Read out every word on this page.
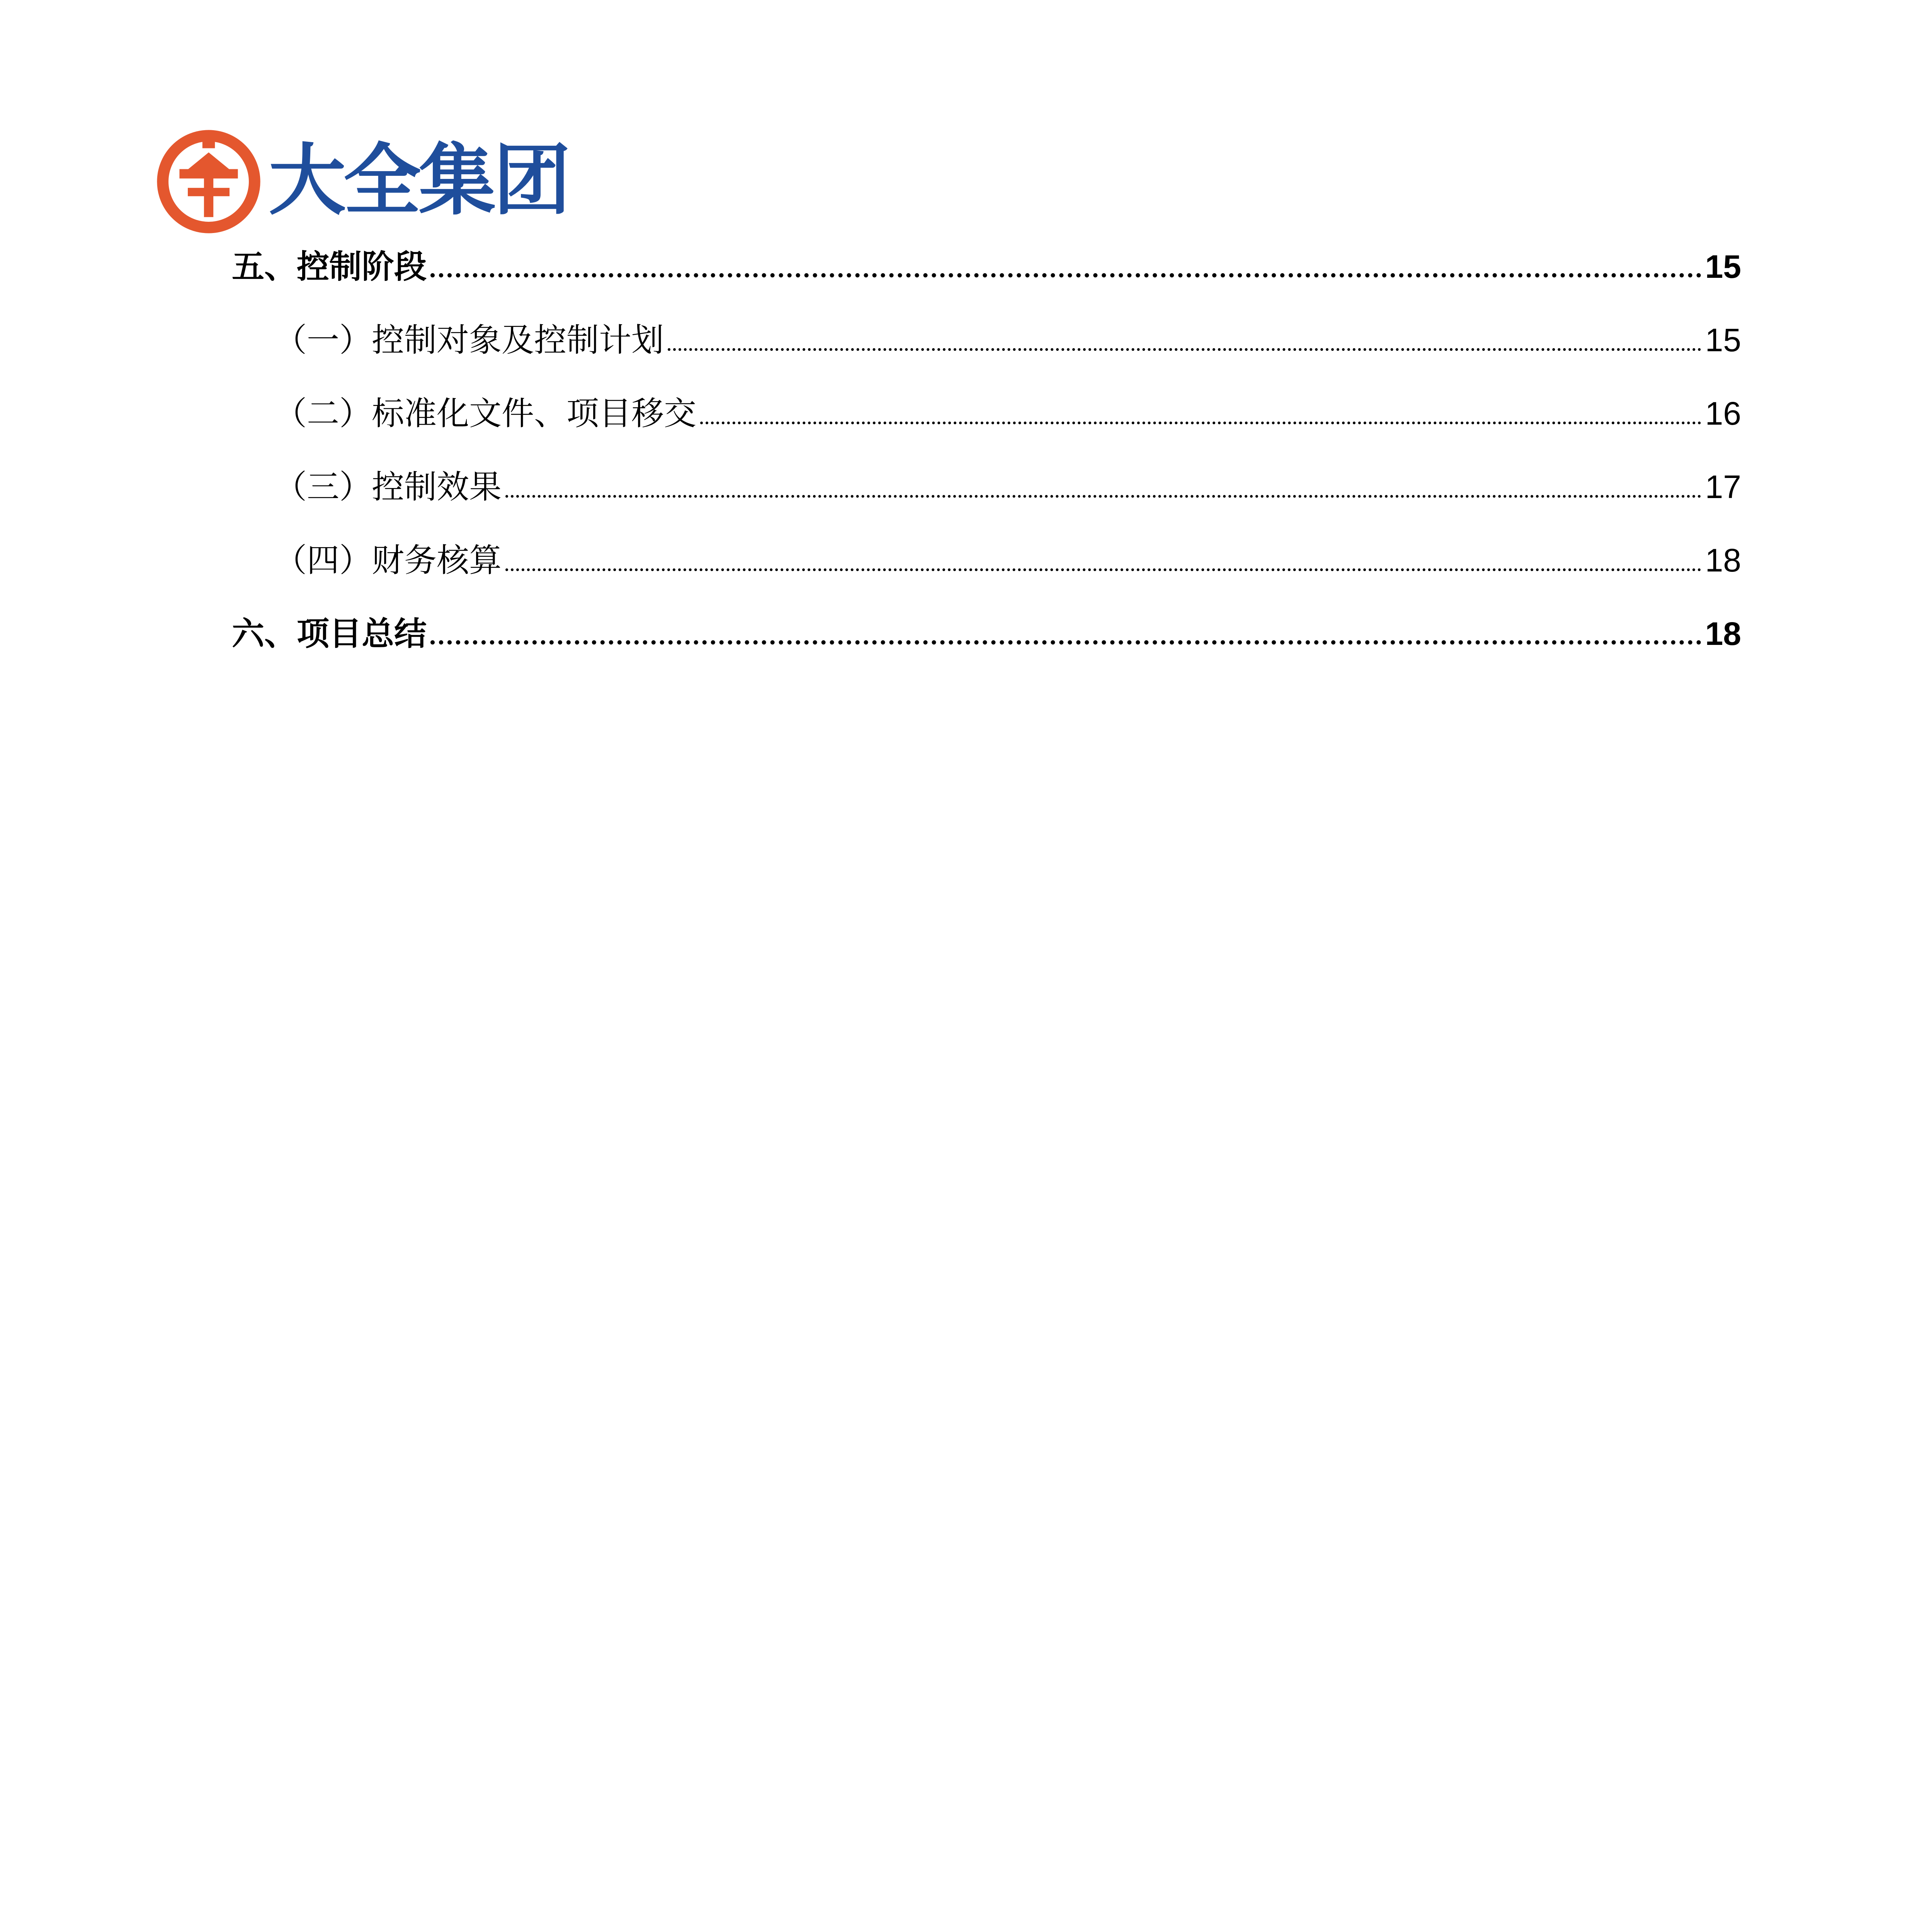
大全集团
五、控制阶段	15
（一）控制对象及控制计划	15
（二）标准化文件、项目移交	16
（三）控制效果	17
（四）财务核算	18
六、项目总结	18
